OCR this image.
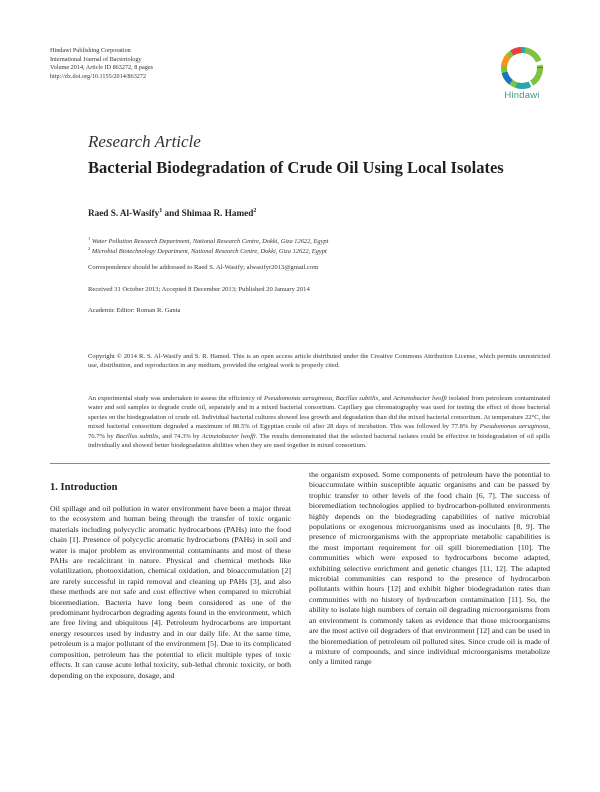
Hindawi Publishing Corporation
International Journal of Bacteriology
Volume 2014, Article ID 863272, 8 pages
http://dx.doi.org/10.1155/2014/863272
Hindawi
Research Article
Bacterial Biodegradation of Crude Oil Using Local Isolates
Raed S. Al-Wasify$^1$ and Shimaa R. Hamed$^2$
$^1$ Water Pollution Research Department, National Research Centre, Dokki, Giza 12622, Egypt
$^2$ Microbial Biotechnology Department, National Research Centre, Dokki, Giza 12622, Egypt
Correspondence should be addressed to Raed S. Al-Wasify; alwasifyr2013@gmail.com
Received 31 October 2013; Accepted 8 December 2013; Published 20 January 2014
Academic Editor: Roman R. Ganta
Copyright © 2014 R. S. Al-Wasify and S. R. Hamed. This is an open access article distributed under the Creative Commons Attribution License, which permits unrestricted use, distribution, and reproduction in any medium, provided the original work is properly cited.
An experimental study was undertaken to assess the efficiency of Pseudomonas aeruginosa, Bacillus subtilis, and Acinetobacter lwoffi isolated from petroleum contaminated water and soil samples to degrade crude oil, separately and in a mixed bacterial consortium. Capillary gas chromatography was used for testing the effect of those bacterial species on the biodegradation of crude oil. Individual bacterial cultures showed less growth and degradation than did the mixed bacterial consortium. At temperature 22°C, the mixed bacterial consortium degraded a maximum of 88.5% of Egyptian crude oil after 28 days of incubation. This was followed by 77.8% by Pseudomonas aeruginosa, 76.7% by Bacillus subtilis, and 74.3% by Acinetobacter lwoffi. The results demonstrated that the selected bacterial isolates could be effective in biodegradation of oil spills individually and showed better biodegradation abilities when they are used together in mixed consortium.
1. Introduction

Oil spillage and oil pollution in water environment have been a major threat to the ecosystem and human being through the transfer of toxic organic materials including polycyclic aromatic hydrocarbons (PAHs) into the food chain [1]. Presence of polycyclic aromatic hydrocarbons (PAHs) in soil and water is major problem as environmental contaminants and most of these PAHs are recalcitrant in nature. Physical and chemical methods like volatilization, photooxidation, chemical oxidation, and bioaccumulation [2] are rarely successful in rapid removal and cleaning up PAHs [3], and also these methods are not safe and cost effective when compared to microbial bioremediation. Bacteria have long been considered as one of the predominant hydrocarbon degrading agents found in the environment, which are free living and ubiquitous [4]. Petroleum hydrocarbons are important energy resources used by industry and in our daily life. At the same time, petroleum is a major pollutant of the environment [5]. Due to its complicated composition, petroleum has the potential to elicit multiple types of toxic effects. It can cause acute lethal toxicity, sub-lethal chronic toxicity, or both depending on the exposure, dosage, and

the organism exposed. Some components of petroleum have the potential to bioaccumulate within susceptible aquatic organisms and can be passed by trophic transfer to other levels of the food chain [6, 7]. The success of bioremediation technologies applied to hydrocarbon-polluted environments highly depends on the biodegrading capabilities of native microbial populations or exogenous microorganisms used as inoculants [8, 9]. The presence of microorganisms with the appropriate metabolic capabilities is the most important requirement for oil spill bioremediation [10]. The communities which were exposed to hydrocarbons become adapted, exhibiting selective enrichment and genetic changes [11, 12]. The adapted microbial communities can respond to the presence of hydrocarbon pollutants within hours [12] and exhibit higher biodegradation rates than communities with no history of hydrocarbon contamination [11]. So, the ability to isolate high numbers of certain oil degrading microorganisms from an environment is commonly taken as evidence that those microorganisms are the most active oil degraders of that environment [12] and can be used in the bioremediation of petroleum oil polluted sites. Since crude oil is made of a mixture of compounds, and since individual microorganisms metabolize only a limited range
